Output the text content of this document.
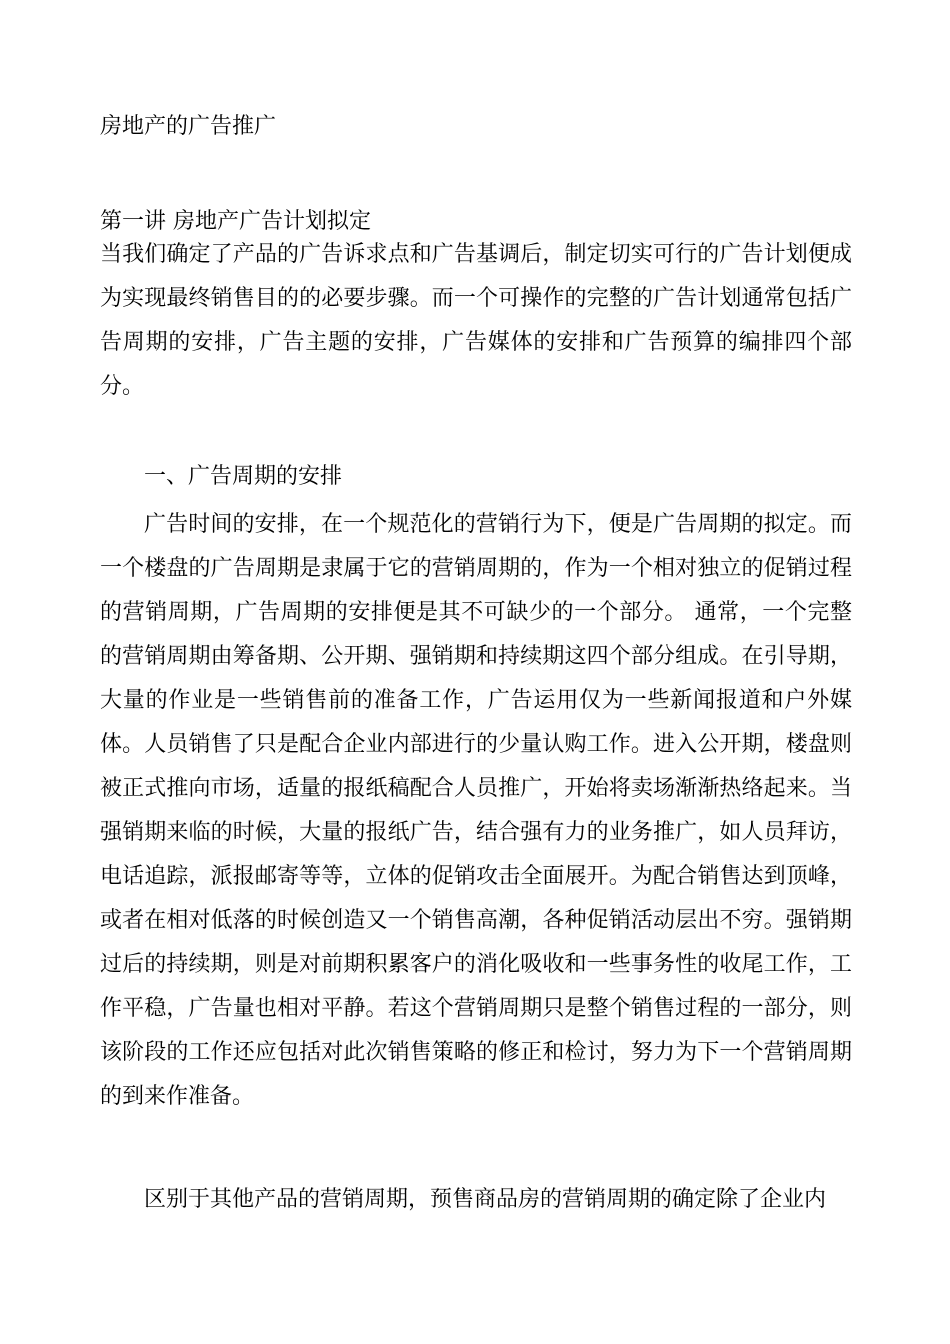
房地产的广告推广
第一讲 房地产广告计划拟定

当我们确定了产品的广告诉求点和广告基调后，制定切实可行的广告计划便成为实现最终销售目的的必要步骤。而一个可操作的完整的广告计划通常包括广告周期的安排，广告主题的安排，广告媒体的安排和广告预算的编排四个部分。

一、广告周期的安排

广告时间的安排，在一个规范化的营销行为下，便是广告周期的拟定。而一个楼盘的广告周期是隶属于它的营销周期的，作为一个相对独立的促销过程的营销周期，广告周期的安排便是其不可缺少的一个部分。 通常，一个完整的营销周期由筹备期、公开期、强销期和持续期这四个部分组成。在引导期，大量的作业是一些销售前的准备工作，广告运用仅为一些新闻报道和户外媒体。人员销售了只是配合企业内部进行的少量认购工作。进入公开期，楼盘则被正式推向市场，适量的报纸稿配合人员推广，开始将卖场渐渐热络起来。当强销期来临的时候，大量的报纸广告，结合强有力的业务推广，如人员拜访，电话追踪，派报邮寄等等，立体的促销攻击全面展开。为配合销售达到顶峰，或者在相对低落的时候创造又一个销售高潮，各种促销活动层出不穷。强销期过后的持续期，则是对前期积累客户的消化吸收和一些事务性的收尾工作，工作平稳，广告量也相对平静。若这个营销周期只是整个销售过程的一部分，则该阶段的工作还应包括对此次销售策略的修正和检讨，努力为下一个营销周期的到来作准备。

区别于其他产品的营销周期，预售商品房的营销周期的确定除了企业内
